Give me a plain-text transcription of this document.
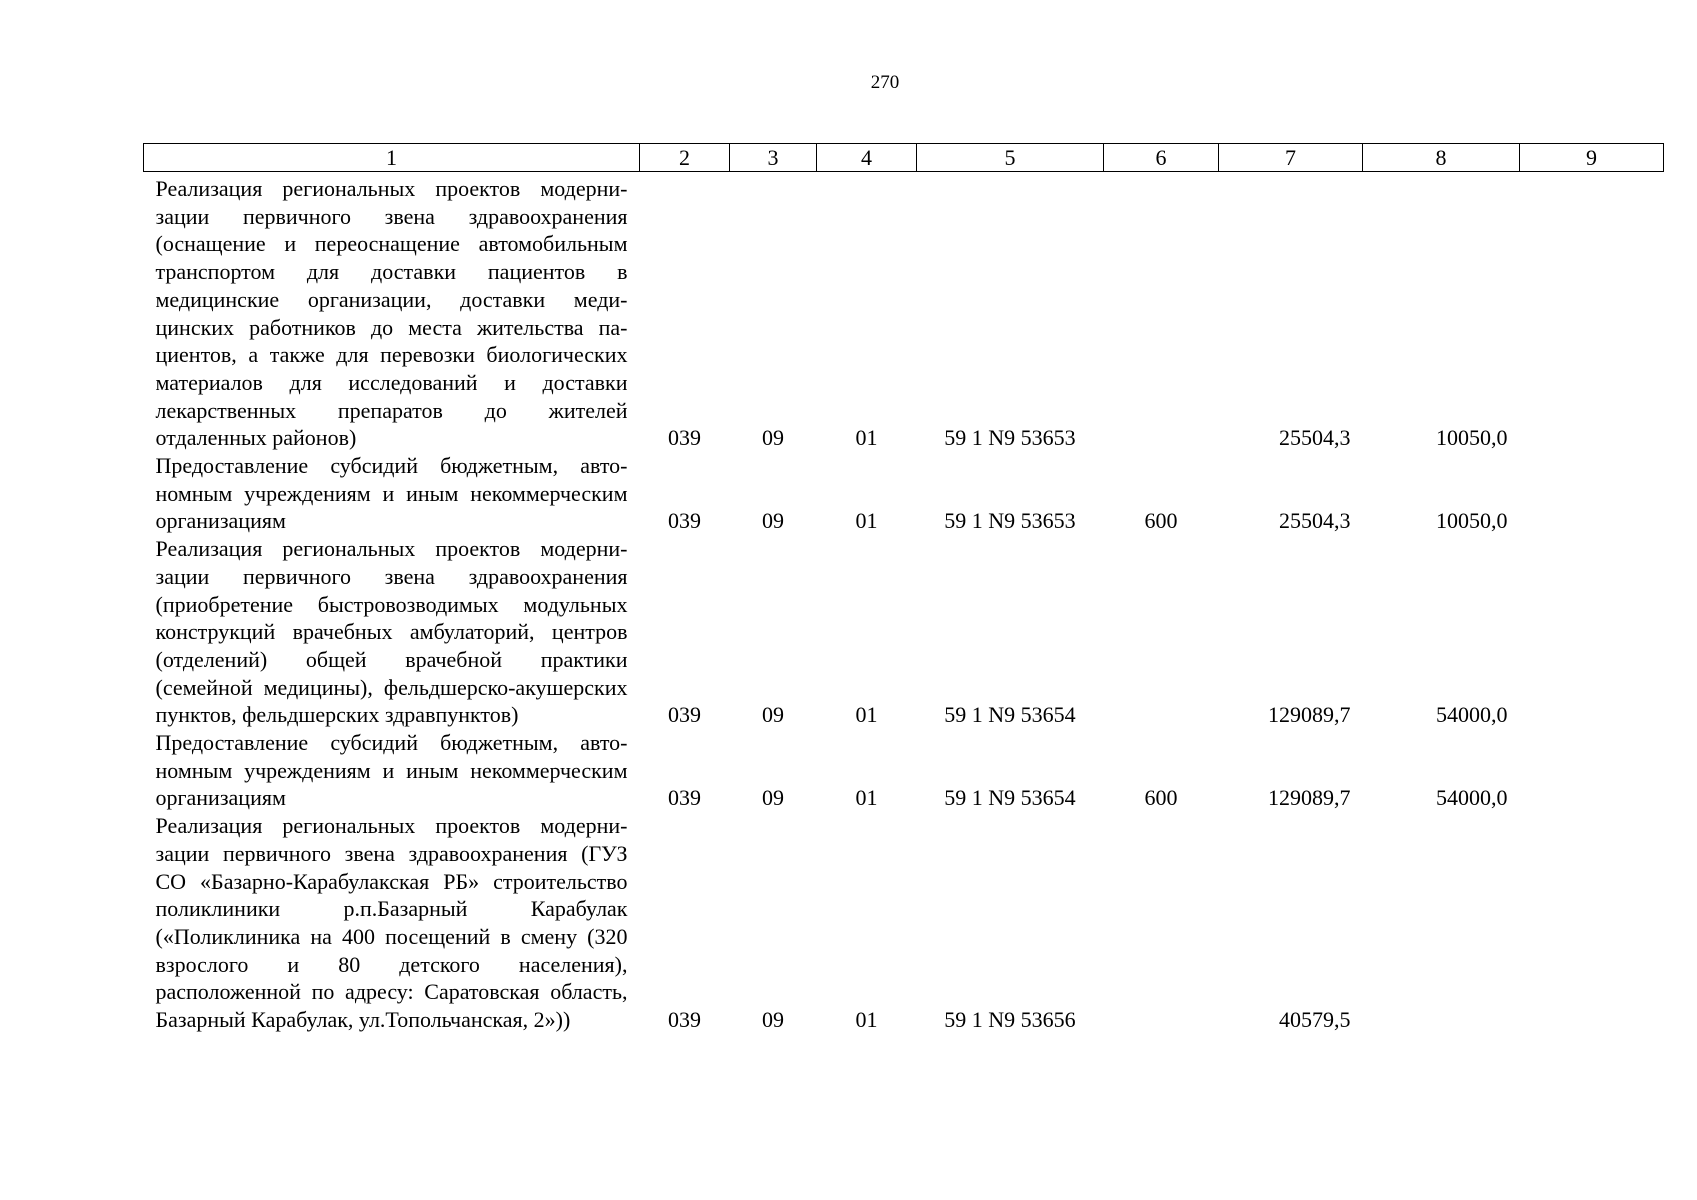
270
1	2	3	4	5	6	7	8	9
Реализация региональных проектов модернизации первичного звена здравоохранения (оснащение и переоснащение автомобильным транспортом для доставки пациентов в медицинские организации, доставки медицинских работников до места жительства пациентов, а также для перевозки биологических материалов для исследований и доставки лекарственных препаратов до жителей отдаленных районов)	039	09	01	59 1 N9 53653		25504,3	10050,0	
Предоставление субсидий бюджетным, автономным учреждениям и иным некоммерческим организациям	039	09	01	59 1 N9 53653	600	25504,3	10050,0	
Реализация региональных проектов модернизации первичного звена здравоохранения (приобретение быстровозводимых модульных конструкций врачебных амбулаторий, центров (отделений) общей врачебной практики (семейной медицины), фельдшерско-акушерских пунктов, фельдшерских здравпунктов)	039	09	01	59 1 N9 53654		129089,7	54000,0	
Предоставление субсидий бюджетным, автономным учреждениям и иным некоммерческим организациям	039	09	01	59 1 N9 53654	600	129089,7	54000,0	
Реализация региональных проектов модернизации первичного звена здравоохранения (ГУЗ СО «Базарно-Карабулакская РБ» строительство поликлиники р.п.Базарный Карабулак («Поликлиника на 400 посещений в смену (320 взрослого и 80 детского населения), расположенной по адресу: Саратовская область, Базарный Карабулак, ул.Топольчанская, 2»))	039	09	01	59 1 N9 53656		40579,5		
